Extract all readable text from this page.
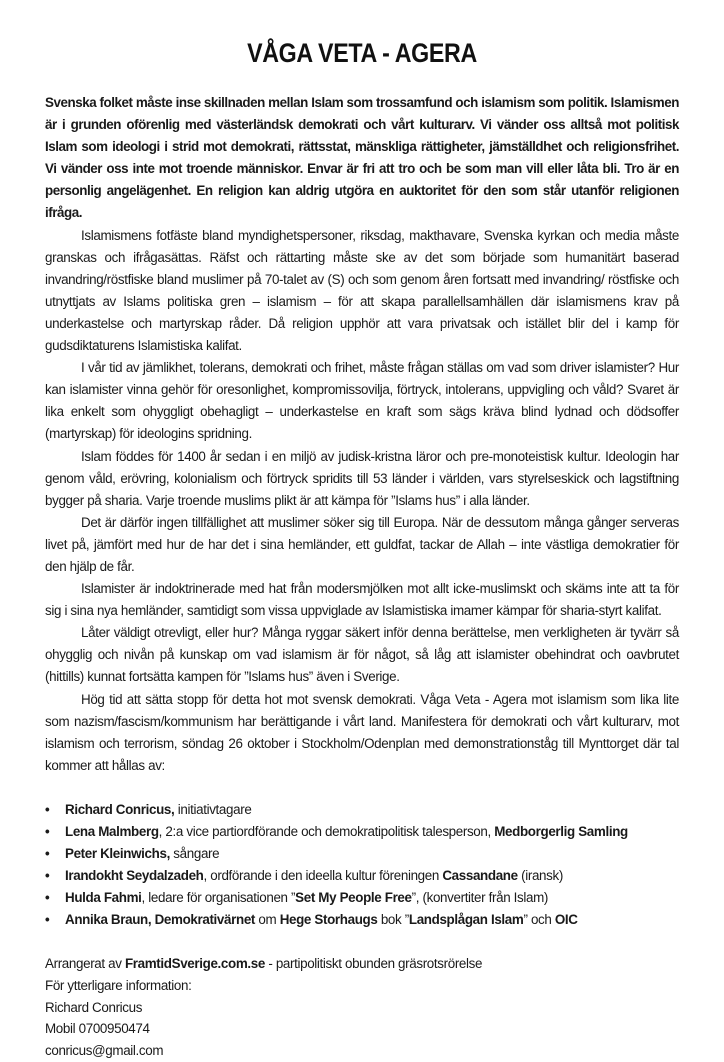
VÅGA VETA - AGERA

Svenska folket måste inse skillnaden mellan Islam som trossamfund och islamism som politik. Islamismen är i grunden oförenlig med västerländsk demokrati och vårt kulturarv. Vi vänder oss alltså mot politisk Islam som ideologi i strid mot demokrati, rättsstat, mänskliga rättigheter, jämställdhet och religionsfrihet. Vi vänder oss inte mot troende människor. Envar är fri att tro och be som man vill eller låta bli. Tro är en personlig angelägenhet. En religion kan aldrig utgöra en auktoritet för den som står utanför religionen ifråga.

Islamismens fotfäste bland myndighetspersoner, riksdag, makthavare, Svenska kyrkan och media måste granskas och ifrågasättas. Räfst och rättarting måste ske av det som började som humanitärt baserad invandring/röstfiske bland muslimer på 70-talet av (S) och som genom åren fortsatt med invandring/ röstfiske och utnyttjats av Islams politiska gren – islamism – för att skapa parallellsamhällen där islamismens krav på underkastelse och martyrskap råder. Då religion upphör att vara privatsak och istället blir del i kamp för gudsdiktaturens Islamistiska kalifat.

I vår tid av jämlikhet, tolerans, demokrati och frihet, måste frågan ställas om vad som driver islamister? Hur kan islamister vinna gehör för oresonlighet, kompromissovilja, förtryck, intolerans, uppvigling och våld? Svaret är lika enkelt som ohyggligt obehagligt – underkastelse en kraft som sägs kräva blind lydnad och dödsoffer (martyrskap) för ideologins spridning.

Islam föddes för 1400 år sedan i en miljö av judisk-kristna läror och pre-monoteistisk kultur. Ideologin har genom våld, erövring, kolonialism och förtryck spridits till 53 länder i världen, vars styrelseskick och lagstiftning bygger på sharia. Varje troende muslims plikt är att kämpa för ”Islams hus” i alla länder.

Det är därför ingen tillfällighet att muslimer söker sig till Europa. När de dessutom många gånger serveras livet på, jämfört med hur de har det i sina hemländer, ett guldfat, tackar de Allah – inte västliga demokratier för den hjälp de får.

Islamister är indoktrinerade med hat från modersmjölken mot allt icke-muslimskt och skäms inte att ta för sig i sina nya hemländer, samtidigt som vissa uppviglade av Islamistiska imamer kämpar för sharia-styrt kalifat.

Låter väldigt otrevligt, eller hur? Många ryggar säkert inför denna berättelse, men verkligheten är tyvärr så ohygglig och nivån på kunskap om vad islamism är för något, så låg att islamister obehindrat och oavbrutet (hittills) kunnat fortsätta kampen för ”Islams hus” även i Sverige.

Hög tid att sätta stopp för detta hot mot svensk demokrati. Våga Veta - Agera mot islamism som lika lite som nazism/fascism/kommunism har berättigande i vårt land. Manifestera för demokrati och vårt kulturarv, mot islamism och terrorism, söndag 26 oktober i Stockholm/Odenplan med demonstrationståg till Mynttorget där tal kommer att hållas av:

• Richard Conricus, initiativtagare
• Lena Malmberg, 2:a vice partiordförande och demokratipolitisk talesperson, Medborgerlig Samling
• Peter Kleinwichs, sångare
• Irandokht Seydalzadeh, ordförande i den ideella kultur föreningen Cassandane (iransk)
• Hulda Fahmi, ledare för organisationen ”Set My People Free”, (konvertiter från Islam)
• Annika Braun, Demokrativärnet om Hege Storhaugs bok ”Landsplågan Islam” och OIC
Arrangerat av FramtidSverige.com.se - partipolitiskt obunden gräsrotsrörelse
För ytterligare information:
Richard Conricus
Mobil 0700950474
conricus@gmail.com
